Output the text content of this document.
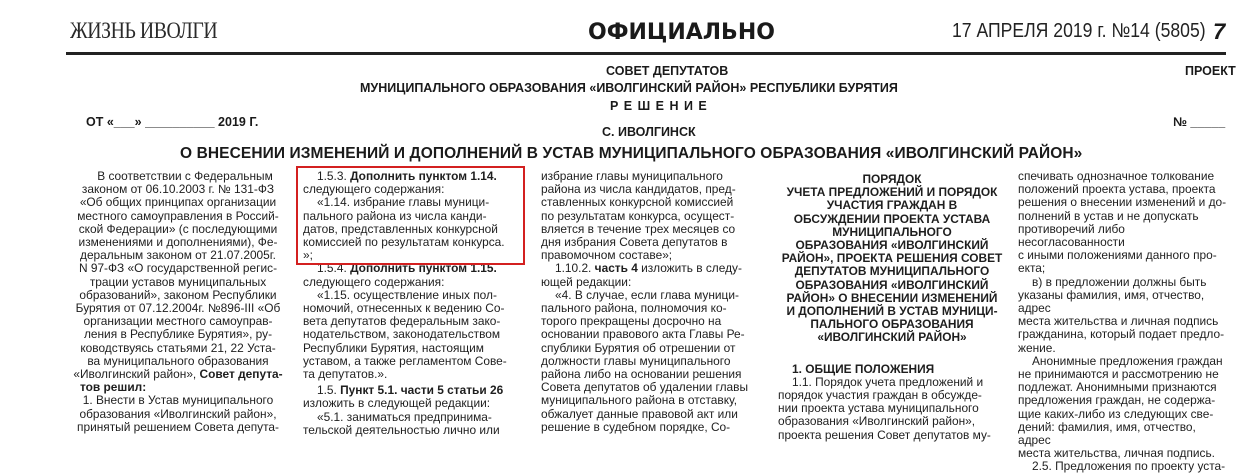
ЖИЗНЬ ИВОЛГИ	ОФИЦИАЛЬНО	17 АПРЕЛЯ 2019 г. №14 (5805) 7
СОВЕТ ДЕПУТАТОВ	ПРОЕКТ
МУНИЦИПАЛЬНОГО ОБРАЗОВАНИЯ «ИВОЛГИНСКИЙ РАЙОН» РЕСПУБЛИКИ БУРЯТИЯ
Р Е Ш Е Н И Е
ОТ «___» __________ 2019 Г.
С. ИВОЛГИНСК
№ _____
О ВНЕСЕНИИ ИЗМЕНЕНИЙ И ДОПОЛНЕНИЙ В УСТАВ МУНИЦИПАЛЬНОГО ОБРАЗОВАНИЯ «ИВОЛГИНСКИЙ РАЙОН»
В соответствии с Федеральным
законом от 06.10.2003 г. № 131-ФЗ
«Об общих принципах организации
местного самоуправления в Россий-
ской Федерации» (с последующими
изменениями и дополнениями), Фе-
деральным законом от 21.07.2005г.
N 97-ФЗ «О государственной регис-
трации уставов муниципальных
образований», законом Республики
Бурятия от 07.12.2004г. №896-III «Об
организации местного самоуправ-
ления в Республике Бурятия», ру-
ководствуясь статьями 21, 22 Уста-
ва муниципального образования
«Иволгинский район», Совет депута-
тов решил:
1. Внести в Устав муниципального
образования «Иволгинский район»,
принятый решением Совета депута-
1.5.3. Дополнить пунктом 1.14.
следующего содержания:
«1.14. избрание главы муници-
пального района из числа канди-
датов, представленных конкурсной
комиссией по результатам конкурса.
»;
1.5.4. Дополнить пунктом 1.15.
следующего содержания:
«1.15. осуществление иных пол-
номочий, отнесенных к ведению Со-
вета депутатов федеральным зако-
нодательством, законодательством
Республики Бурятия, настоящим
уставом, а также регламентом Сове-
та депутатов.».
1.5. Пункт 5.1. части 5 статьи 26
изложить в следующей редакции:
«5.1. заниматься предпринима-
тельской деятельностью лично или
избрание главы муниципального
района из числа кандидатов, пред-
ставленных конкурсной комиссией
по результатам конкурса, осущест-
вляется в течение трех месяцев со
дня избрания Совета депутатов в
правомочном составе»;
1.10.2. часть 4 изложить в следу-
ющей редакции:
«4. В случае, если глава муници-
пального района, полномочия ко-
торого прекращены досрочно на
основании правового акта Главы Ре-
спублики Бурятия об отрешении от
должности главы муниципального
района либо на основании решения
Совета депутатов об удалении главы
муниципального района в отставку,
обжалует данные правовой акт или
решение в судебном порядке, Со-
ПОРЯДОК
УЧЕТА ПРЕДЛОЖЕНИЙ И ПОРЯДОК
УЧАСТИЯ ГРАЖДАН В
ОБСУЖДЕНИИ ПРОЕКТА УСТАВА
МУНИЦИПАЛЬНОГО
ОБРАЗОВАНИЯ «ИВОЛГИНСКИЙ
РАЙОН», ПРОЕКТА РЕШЕНИЯ СОВЕТ
ДЕПУТАТОВ МУНИЦИПАЛЬНОГО
ОБРАЗОВАНИЯ «ИВОЛГИНСКИЙ
РАЙОН» О ВНЕСЕНИИ ИЗМЕНЕНИЙ
И ДОПОЛНЕНИЙ В УСТАВ МУНИЦИ-
ПАЛЬНОГО ОБРАЗОВАНИЯ
«ИВОЛГИНСКИЙ РАЙОН»
1. ОБЩИЕ ПОЛОЖЕНИЯ
1.1. Порядок учета предложений и
порядок участия граждан в обсужде-
нии проекта устава муниципального
образования «Иволгинский район»,
проекта решения Совет депутатов му-
спечивать однозначное толкование
положений проекта устава, проекта
решения о внесении изменений и до-
полнений в устав и не допускать
противоречий либо несогласованности
с иными положениями данного про-
екта;
в) в предложении должны быть
указаны фамилия, имя, отчество, адрес
места жительства и личная подпись
гражданина, который подает предло-
жение.
Анонимные предложения граждан
не принимаются и рассмотрению не
подлежат. Анонимными признаются
предложения граждан, не содержа-
щие каких-либо из следующих све-
дений: фамилия, имя, отчество, адрес
места жительства, личная подпись.
2.5. Предложения по проекту уста-
